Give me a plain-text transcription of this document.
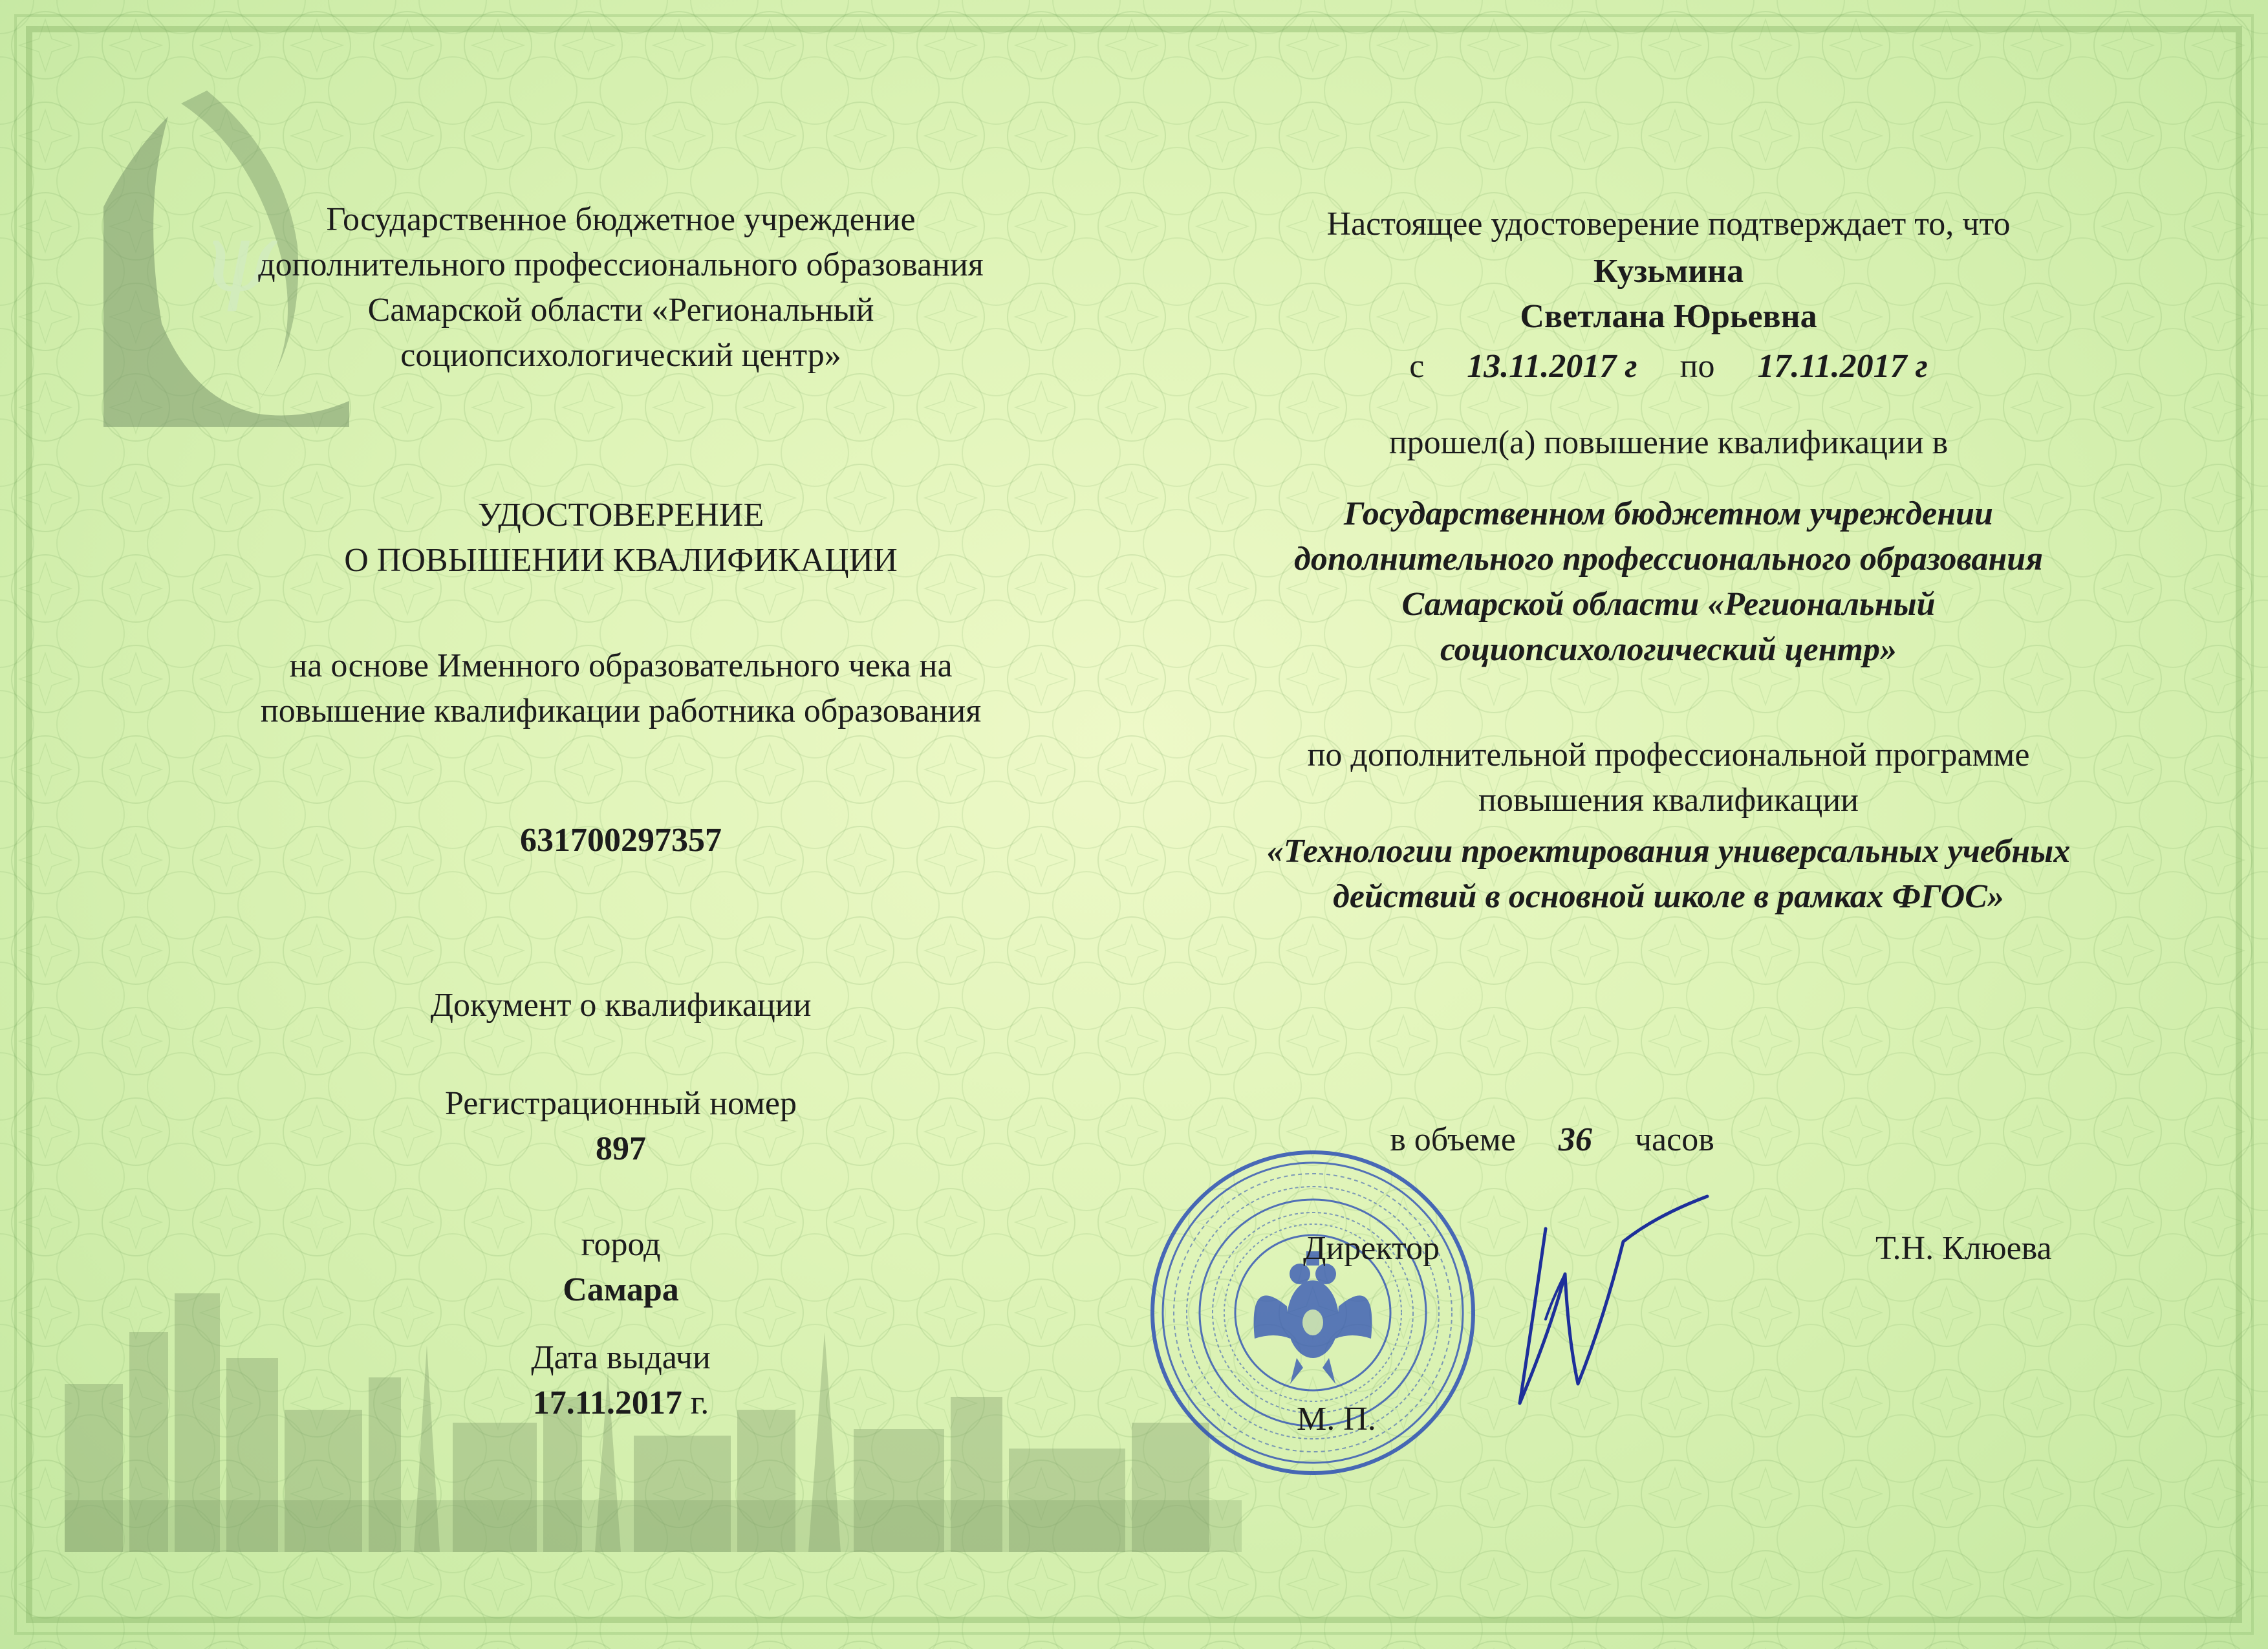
ψ	Государственное бюджетное учреждение
дополнительного профессионального образования
Самарской области «Региональный
социопсихологический центр»
УДОСТОВЕРЕНИЕ
О ПОВЫШЕНИИ КВАЛИФИКАЦИИ
на основе Именного образовательного чека на
повышение квалификации работника образования
631700297357
Документ о квалификации
Регистрационный номер
897
город
Самара
Дата выдачи
17.11.2017 г.
Настоящее удостоверение подтверждает то, что
Кузьмина
Светлана Юрьевна
с 13.11.2017 г по 17.11.2017 г
прошел(а) повышение квалификации в
Государственном бюджетном учреждении
дополнительного профессионального образования
Самарской области «Региональный
социопсихологический центр»
по дополнительной профессиональной программе
повышения квалификации
«Технологии проектирования универсальных учебных
действий в основной школе в рамках ФГОС»
в объеме 36 часов
Директор	Т.Н. Клюева
М. П.
